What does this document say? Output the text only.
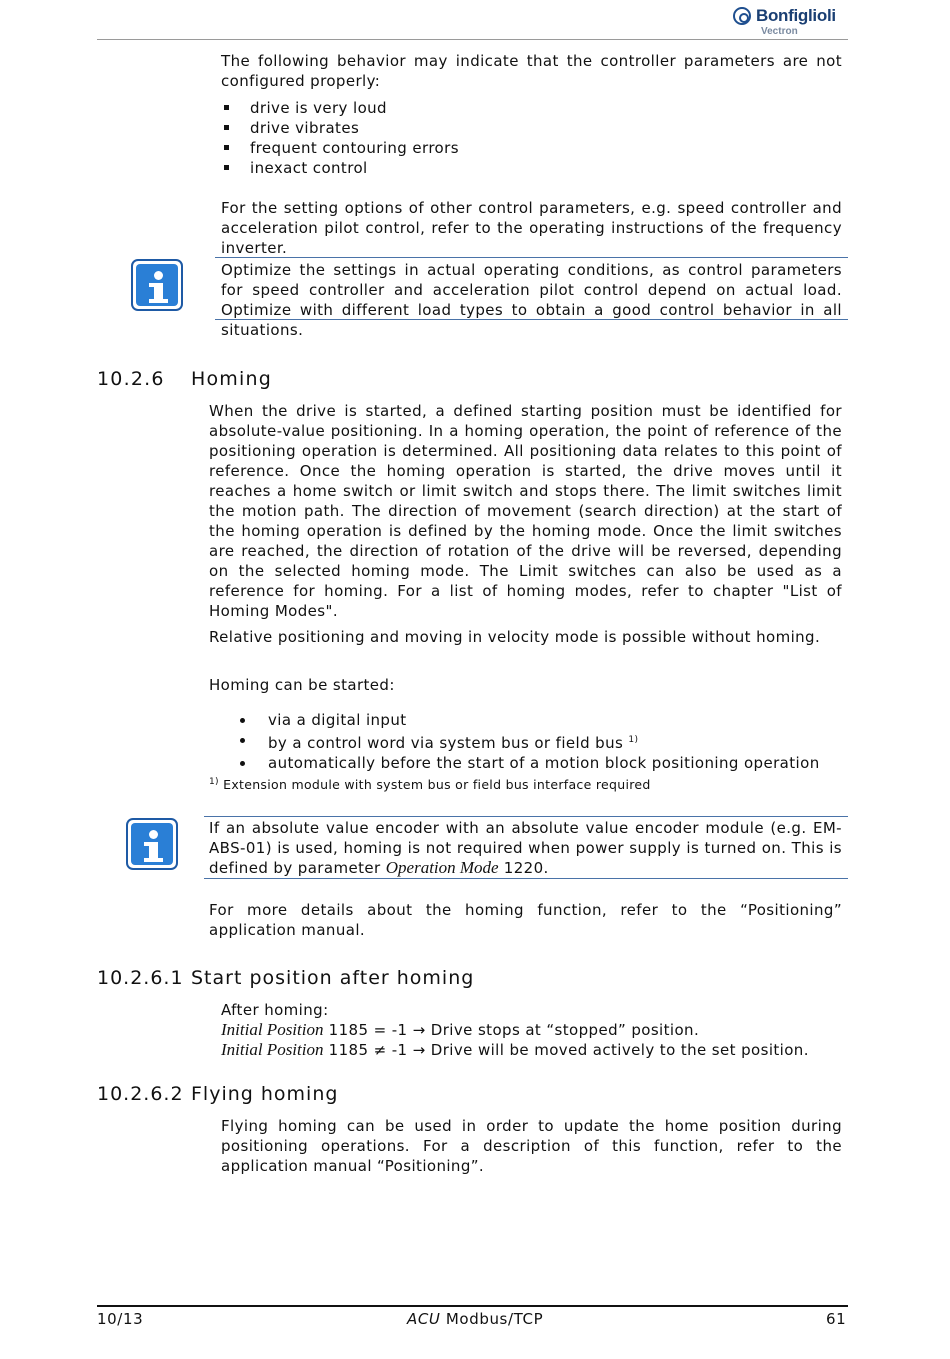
Bonfiglioli
Vectron
The following behavior may indicate that the controller parameters are not configured properly:
drive is very loud
drive vibrates
frequent contouring errors
inexact control
For the setting options of other control parameters, e.g. speed controller and acceleration pilot control, refer to the operating instructions of the frequency inverter.
Optimize the settings in actual operating conditions, as control parameters for speed controller and acceleration pilot control depend on actual load. Optimize with different load types to obtain a good control behavior in all situations.
10.2.6 Homing
When the drive is started, a defined starting position must be identified for absolute-value positioning. In a homing operation, the point of reference of the positioning operation is determined. All positioning data relates to this point of reference. Once the homing operation is started, the drive moves until it reaches a home switch or limit switch and stops there. The limit switches limit the motion path. The direction of movement (search direction) at the start of the homing operation is defined by the homing mode. Once the limit switches are reached, the direction of rotation of the drive will be reversed, depending on the selected homing mode. The Limit switches can also be used as a reference for homing. For a list of homing modes, refer to chapter "List of Homing Modes".
Relative positioning and moving in velocity mode is possible without homing.
Homing can be started:
via a digital input
by a control word via system bus or field bus $^{1)}$
automatically before the start of a motion block positioning operation
$^{1)}$ Extension module with system bus or field bus interface required
If an absolute value encoder with an absolute value encoder module (e.g. EM-ABS-01) is used, homing is not required when power supply is turned on. This is defined by parameter Operation Mode 1220.
For more details about the homing function, refer to the “Positioning” application manual.
10.2.6.1 Start position after homing
After homing:
Initial Position 1185 = -1 → Drive stops at “stopped” position.
Initial Position 1185 ≠ -1 → Drive will be moved actively to the set position.
10.2.6.2 Flying homing
Flying homing can be used in order to update the home position during positioning operations. For a description of this function, refer to the application manual “Positioning”.
10/13	ACU Modbus/TCP	61
